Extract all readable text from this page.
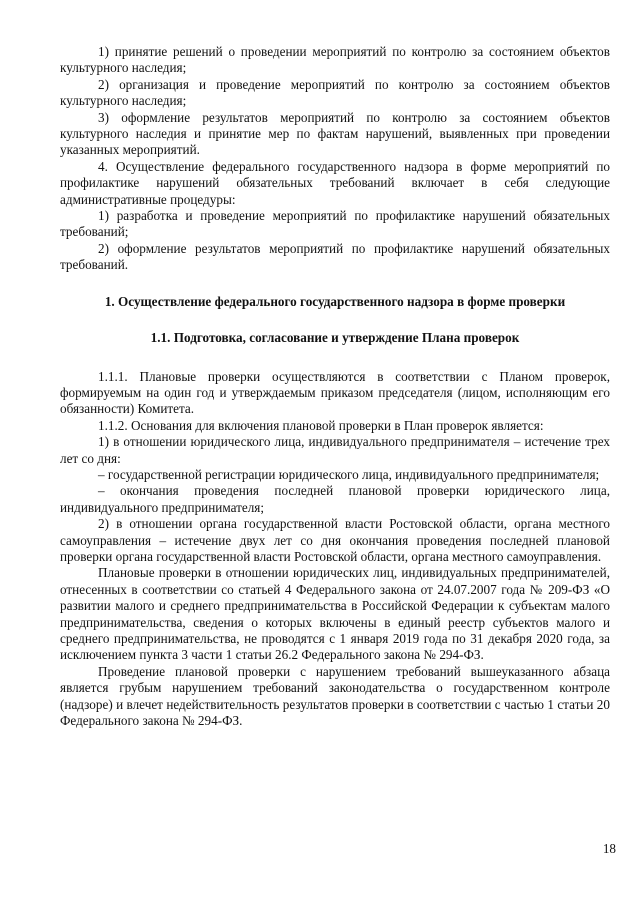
1) принятие решений о проведении мероприятий по контролю за состоянием объектов культурного наследия;

2) организация и проведение мероприятий по контролю за состоянием объектов культурного наследия;

3) оформление результатов мероприятий по контролю за состоянием объектов культурного наследия и принятие мер по фактам нарушений, выявленных при проведении указанных мероприятий.

4. Осуществление федерального государственного надзора в форме мероприятий по профилактике нарушений обязательных требований включает в себя следующие административные процедуры:

1) разработка и проведение мероприятий по профилактике нарушений обязательных требований;

2) оформление результатов мероприятий по профилактике нарушений обязательных требований.

1. Осуществление федерального государственного надзора в форме проверки

1.1. Подготовка, согласование и утверждение Плана проверок

1.1.1. Плановые проверки осуществляются в соответствии с Планом проверок, формируемым на один год и утверждаемым приказом председателя (лицом, исполняющим его обязанности) Комитета.

1.1.2. Основания для включения плановой проверки в План проверок является:

1) в отношении юридического лица, индивидуального предпринимателя – истечение трех лет со дня:

– государственной регистрации юридического лица, индивидуального предпринимателя;

– окончания проведения последней плановой проверки юридического лица, индивидуального предпринимателя;

2) в отношении органа государственной власти Ростовской области, органа местного самоуправления – истечение двух лет со дня окончания проведения последней плановой проверки органа государственной власти Ростовской области, органа местного самоуправления.

Плановые проверки в отношении юридических лиц, индивидуальных предпринимателей, отнесенных в соответствии со статьей 4 Федерального закона от 24.07.2007 года № 209-ФЗ «О развитии малого и среднего предпринимательства в Российской Федерации к субъектам малого предпринимательства, сведения о которых включены в единый реестр субъектов малого и среднего предпринимательства, не проводятся с 1 января 2019 года по 31 декабря 2020 года, за исключением пункта 3 части 1 статьи 26.2 Федерального закона № 294-ФЗ.

Проведение плановой проверки с нарушением требований вышеуказанного абзаца является грубым нарушением требований законодательства о государственном контроле (надзоре) и влечет недействительность результатов проверки в соответствии с частью 1 статьи 20 Федерального закона № 294-ФЗ.

18
